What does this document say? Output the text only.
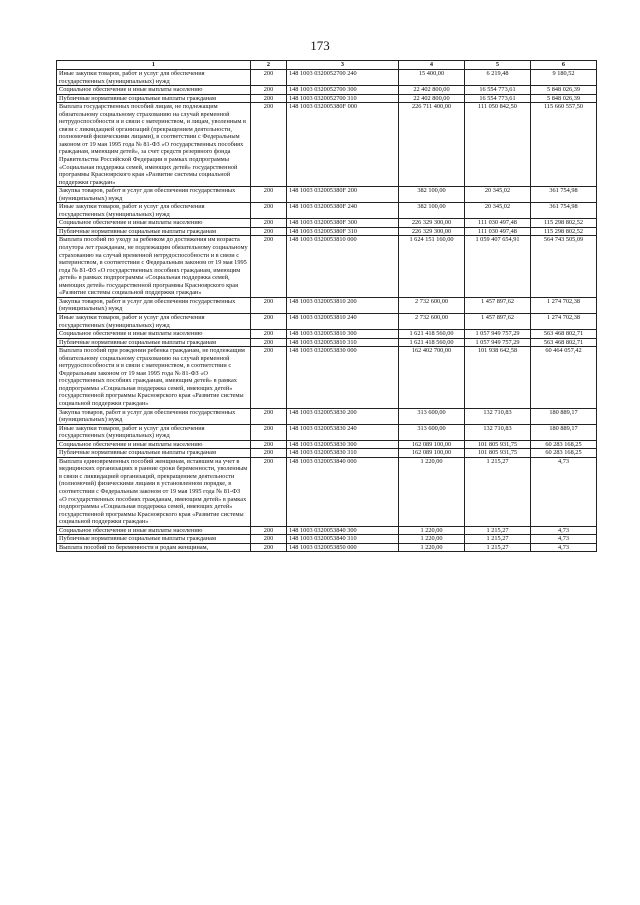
173
1	2	3	4	5	6
Иные закупки товаров, работ и услуг для обеспечения государственных (муниципальных) нужд	200	148 1003 0320052700 240	15 400,00	6 219,48	9 180,52
Социальное обеспечение и иные выплаты населению	200	148 1003 0320052700 300	22 402 800,00	16 554 773,61	5 848 026,39
Публичные нормативные социальные выплаты гражданам	200	148 1003 0320052700 310	22 402 800,00	16 554 773,61	5 848 026,39
Выплата государственных пособий лицам, не подлежащим обязательному социальному страхованию на случай временной нетрудоспособности и в связи с материнством, и лицам, уволенным в связи с ликвидацией организаций (прекращением деятельности, полномочий физическими лицами), в соответствии с Федеральным законом от 19 мая 1995 года № 81-ФЗ «О государственных пособиях гражданам, имеющим детей», за счет средств резервного фонда Правительства Российской Федерации в рамках подпрограммы «Социальная поддержка семей, имеющих детей» государственной программы Красноярского края «Развитие системы социальной поддержки граждан»	200	148 1003 032005380F 000	226 711 400,00	111 050 842,50	115 660 557,50
Закупка товаров, работ и услуг для обеспечения государственных (муниципальных) нужд	200	148 1003 032005380F 200	382 100,00	20 345,02	361 754,98
Иные закупки товаров, работ и услуг для обеспечения государственных (муниципальных) нужд	200	148 1003 032005380F 240	382 100,00	20 345,02	361 754,98
Социальное обеспечение и иные выплаты населению	200	148 1003 032005380F 300	226 329 300,00	111 030 497,48	115 298 802,52
Публичные нормативные социальные выплаты гражданам	200	148 1003 032005380F 310	226 329 300,00	111 030 497,48	115 298 802,52
Выплата пособий по уходу за ребенком до достижения им возраста полутора лет гражданам, не подлежащим обязательному социальному страхованию на случай временной нетрудоспособности и в связи с материнством, в соответствии с Федеральным законом от 19 мая 1995 года № 81-ФЗ «О государственных пособиях гражданам, имеющим детей» в рамках подпрограммы «Социальная поддержка семей, имеющих детей» государственной программы Красноярского края «Развитие системы социальной поддержки граждан»	200	148 1003 0320053810 000	1 624 151 160,00	1 059 407 654,91	564 743 505,09
Закупка товаров, работ и услуг для обеспечения государственных (муниципальных) нужд	200	148 1003 0320053810 200	2 732 600,00	1 457 897,62	1 274 702,38
Иные закупки товаров, работ и услуг для обеспечения государственных (муниципальных) нужд	200	148 1003 0320053810 240	2 732 600,00	1 457 897,62	1 274 702,38
Социальное обеспечение и иные выплаты населению	200	148 1003 0320053810 300	1 621 418 560,00	1 057 949 757,29	563 468 802,71
Публичные нормативные социальные выплаты гражданам	200	148 1003 0320053810 310	1 621 418 560,00	1 057 949 757,29	563 468 802,71
Выплата пособий при рождении ребенка гражданам, не подлежащим обязательному социальному страхованию на случай временной нетрудоспособности и в связи с материнством, в соответствии с Федеральным законом от 19 мая 1995 года № 81-ФЗ «О государственных пособиях гражданам, имеющим детей» в рамках подпрограммы «Социальная поддержка семей, имеющих детей» государственной программы Красноярского края «Развитие системы социальной поддержки граждан»	200	148 1003 0320053830 000	162 402 700,00	101 938 642,58	60 464 057,42
Закупка товаров, работ и услуг для обеспечения государственных (муниципальных) нужд	200	148 1003 0320053830 200	313 600,00	132 710,83	180 889,17
Иные закупки товаров, работ и услуг для обеспечения государственных (муниципальных) нужд	200	148 1003 0320053830 240	313 600,00	132 710,83	180 889,17
Социальное обеспечение и иные выплаты населению	200	148 1003 0320053830 300	162 089 100,00	101 805 931,75	60 283 168,25
Публичные нормативные социальные выплаты гражданам	200	148 1003 0320053830 310	162 089 100,00	101 805 931,75	60 283 168,25
Выплата единовременных пособий женщинам, вставшим на учет в медицинских организациях в ранние сроки беременности, уволенным в связи с ликвидацией организаций, прекращением деятельности (полномочий) физическими лицами в установленном порядке, в соответствии с Федеральным законом от 19 мая 1995 года № 81-ФЗ «О государственных пособиях гражданам, имеющим детей» в рамках подпрограммы «Социальная поддержка семей, имеющих детей» государственной программы Красноярского края «Развитие системы социальной поддержки граждан»	200	148 1003 0320053840 000	1 220,00	1 215,27	4,73
Социальное обеспечение и иные выплаты населению	200	148 1003 0320053840 300	1 220,00	1 215,27	4,73
Публичные нормативные социальные выплаты гражданам	200	148 1003 0320053840 310	1 220,00	1 215,27	4,73
Выплата пособий по беременности и родам женщинам,	200	148 1003 0320053850 000	1 220,00	1 215,27	4,73
